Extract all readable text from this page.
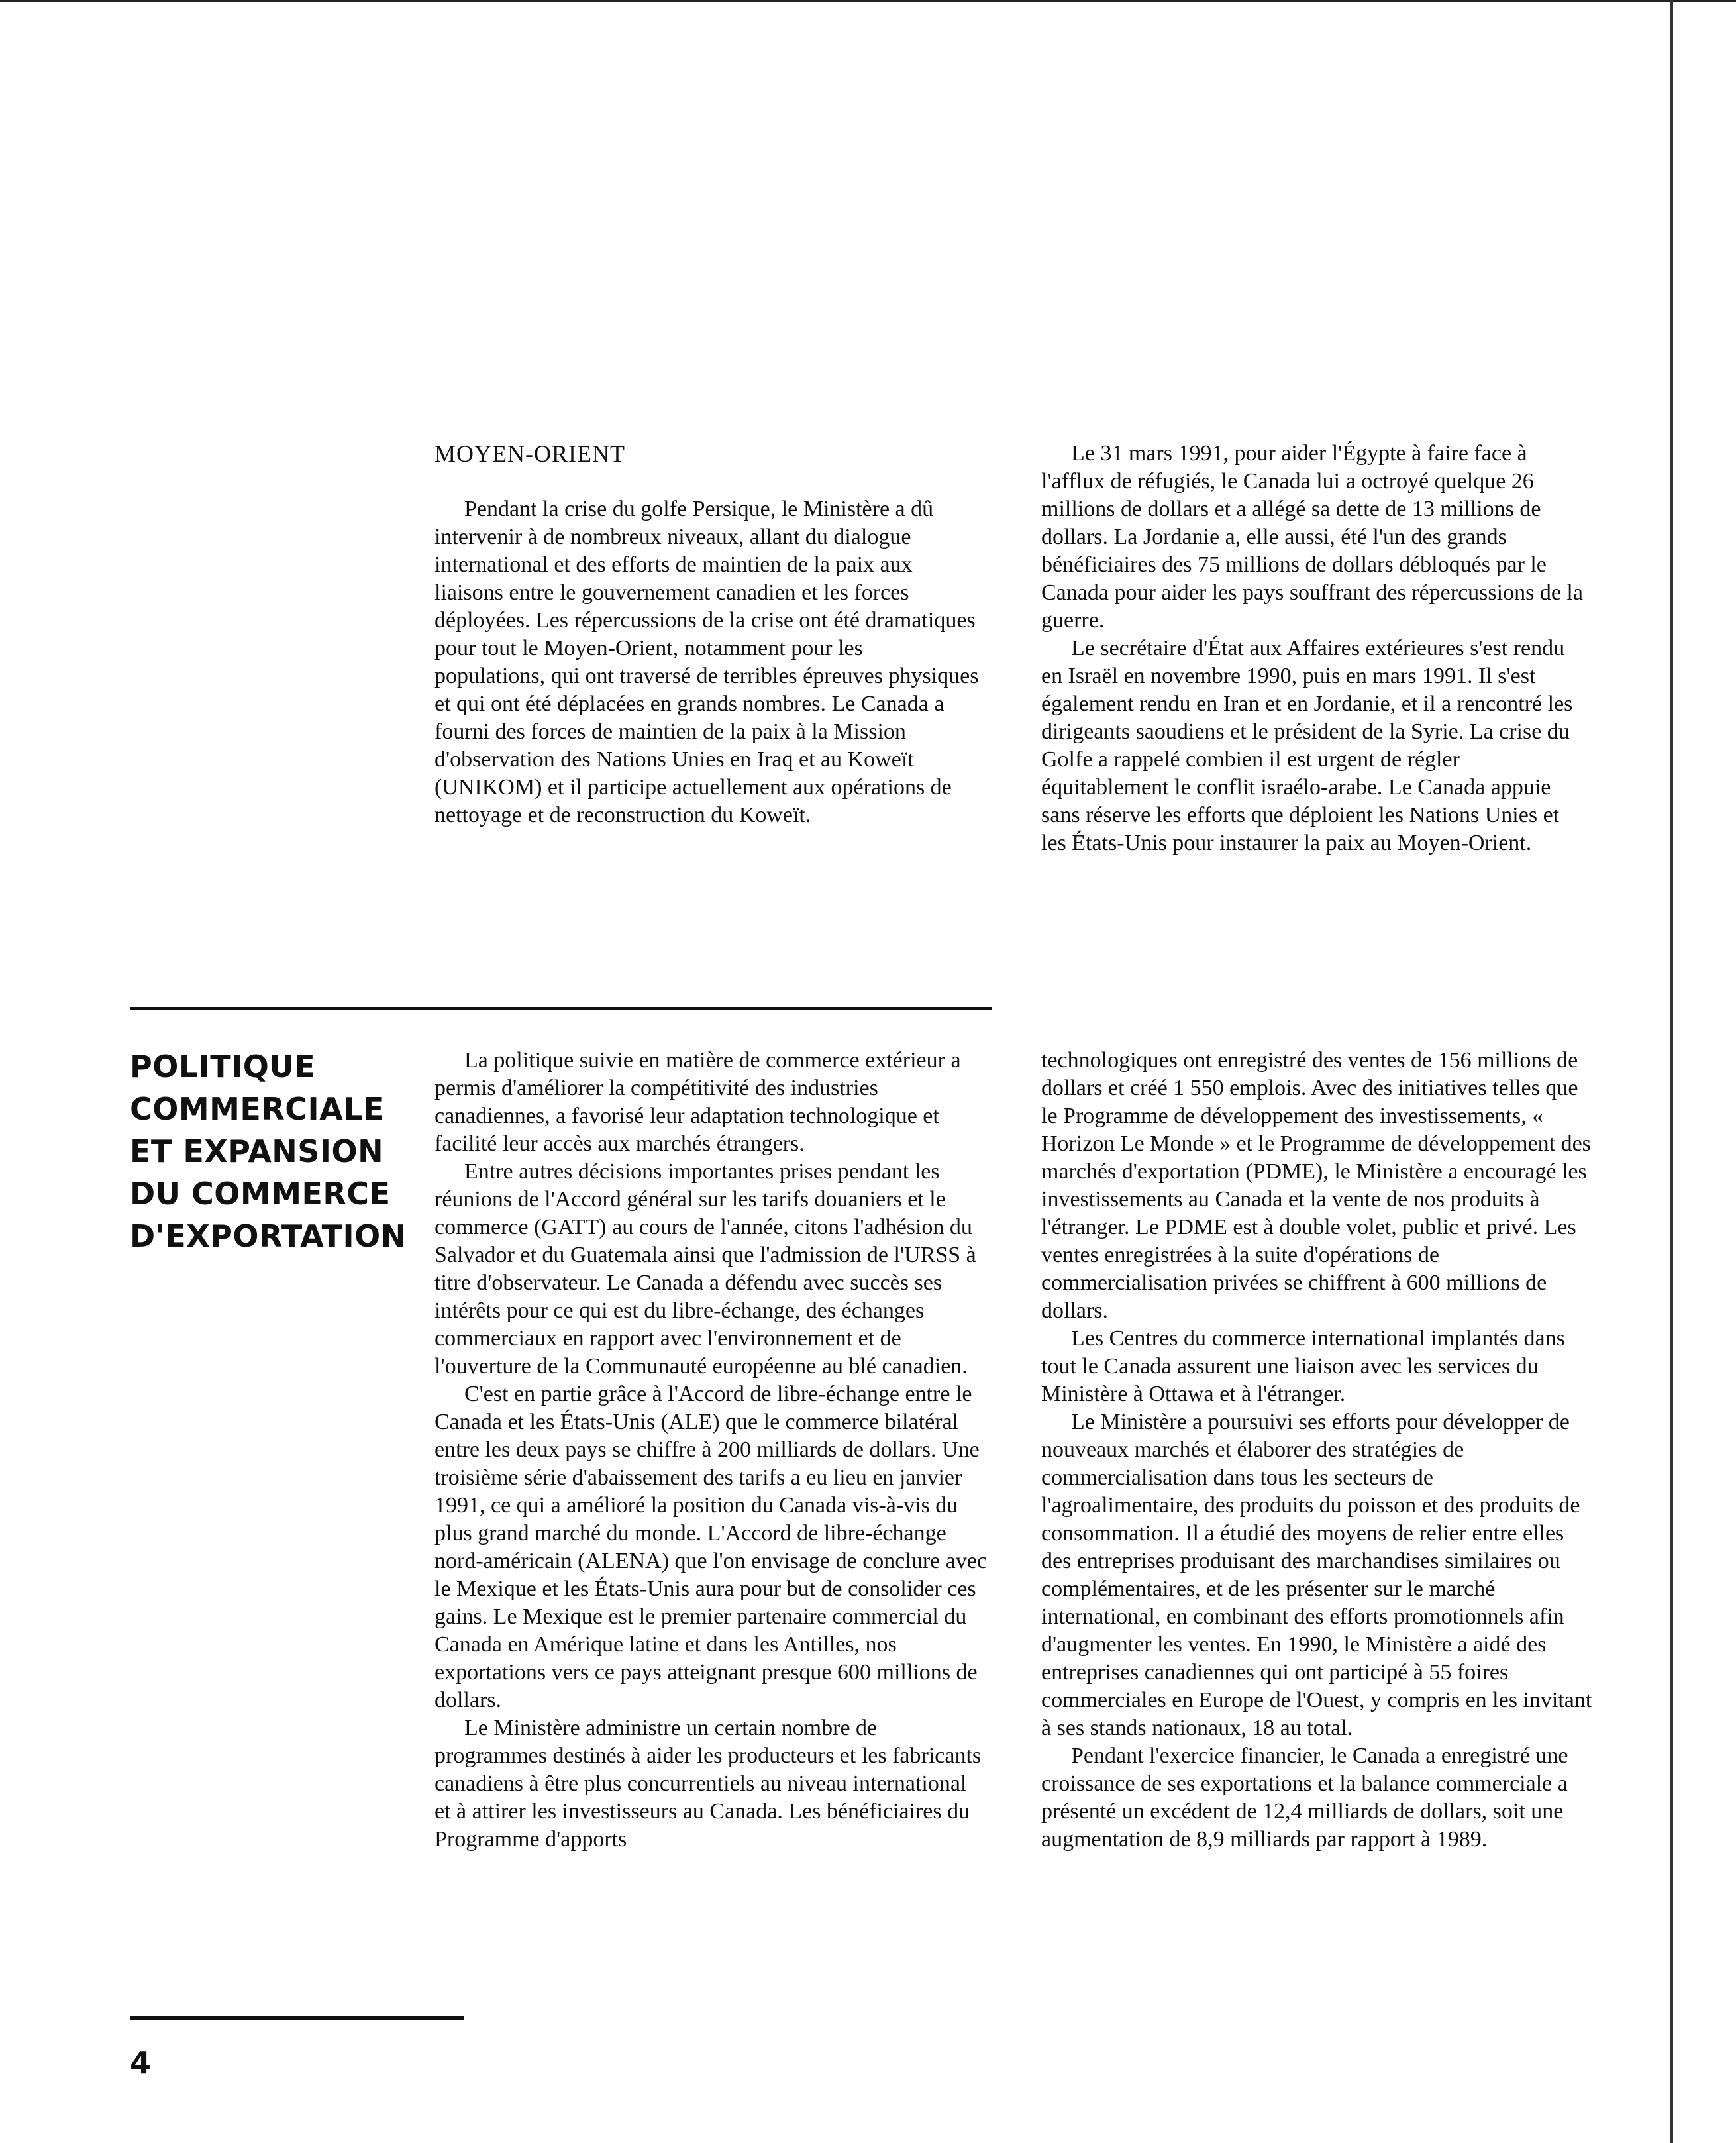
MOYEN-ORIENT

Pendant la crise du golfe Persique, le Ministère a dû intervenir à de nombreux niveaux, allant du dialogue international et des efforts de maintien de la paix aux liaisons entre le gouvernement canadien et les forces déployées. Les répercussions de la crise ont été dramatiques pour tout le Moyen-Orient, notamment pour les populations, qui ont traversé de terribles épreuves physiques et qui ont été déplacées en grands nombres. Le Canada a fourni des forces de maintien de la paix à la Mission d'observation des Nations Unies en Iraq et au Koweït (UNIKOM) et il participe actuellement aux opérations de nettoyage et de reconstruction du Koweït.

Le 31 mars 1991, pour aider l'Égypte à faire face à l'afflux de réfugiés, le Canada lui a octroyé quelque 26 millions de dollars et a allégé sa dette de 13 millions de dollars. La Jordanie a, elle aussi, été l'un des grands bénéficiaires des 75 millions de dollars débloqués par le Canada pour aider les pays souffrant des répercussions de la guerre.

Le secrétaire d'État aux Affaires extérieures s'est rendu en Israël en novembre 1990, puis en mars 1991. Il s'est également rendu en Iran et en Jordanie, et il a rencontré les dirigeants saoudiens et le président de la Syrie. La crise du Golfe a rappelé combien il est urgent de régler équitablement le conflit israélo-arabe. Le Canada appuie sans réserve les efforts que déploient les Nations Unies et les États-Unis pour instaurer la paix au Moyen-Orient.

POLITIQUE
COMMERCIALE
ET EXPANSION
DU COMMERCE
D'EXPORTATION

La politique suivie en matière de commerce extérieur a permis d'améliorer la compétitivité des industries canadiennes, a favorisé leur adaptation technologique et facilité leur accès aux marchés étrangers.

Entre autres décisions importantes prises pendant les réunions de l'Accord général sur les tarifs douaniers et le commerce (GATT) au cours de l'année, citons l'adhésion du Salvador et du Guatemala ainsi que l'admission de l'URSS à titre d'observateur. Le Canada a défendu avec succès ses intérêts pour ce qui est du libre-échange, des échanges commerciaux en rapport avec l'environnement et de l'ouverture de la Communauté européenne au blé canadien.

C'est en partie grâce à l'Accord de libre-échange entre le Canada et les États-Unis (ALE) que le commerce bilatéral entre les deux pays se chiffre à 200 milliards de dollars. Une troisième série d'abaissement des tarifs a eu lieu en janvier 1991, ce qui a amélioré la position du Canada vis-à-vis du plus grand marché du monde. L'Accord de libre-échange nord-américain (ALENA) que l'on envisage de conclure avec le Mexique et les États-Unis aura pour but de consolider ces gains. Le Mexique est le premier partenaire commercial du Canada en Amérique latine et dans les Antilles, nos exportations vers ce pays atteignant presque 600 millions de dollars.

Le Ministère administre un certain nombre de programmes destinés à aider les producteurs et les fabricants canadiens à être plus concurrentiels au niveau international et à attirer les investisseurs au Canada. Les bénéficiaires du Programme d'apports

technologiques ont enregistré des ventes de 156 millions de dollars et créé 1 550 emplois. Avec des initiatives telles que le Programme de développement des investissements, « Horizon Le Monde » et le Programme de développement des marchés d'exportation (PDME), le Ministère a encouragé les investissements au Canada et la vente de nos produits à l'étranger. Le PDME est à double volet, public et privé. Les ventes enregistrées à la suite d'opérations de commercialisation privées se chiffrent à 600 millions de dollars.

Les Centres du commerce international implantés dans tout le Canada assurent une liaison avec les services du Ministère à Ottawa et à l'étranger.

Le Ministère a poursuivi ses efforts pour développer de nouveaux marchés et élaborer des stratégies de commercialisation dans tous les secteurs de l'agroalimentaire, des produits du poisson et des produits de consommation. Il a étudié des moyens de relier entre elles des entreprises produisant des marchandises similaires ou complémentaires, et de les présenter sur le marché international, en combinant des efforts promotionnels afin d'augmenter les ventes. En 1990, le Ministère a aidé des entreprises canadiennes qui ont participé à 55 foires commerciales en Europe de l'Ouest, y compris en les invitant à ses stands nationaux, 18 au total.

Pendant l'exercice financier, le Canada a enregistré une croissance de ses exportations et la balance commerciale a présenté un excédent de 12,4 milliards de dollars, soit une augmentation de 8,9 milliards par rapport à 1989.

4
